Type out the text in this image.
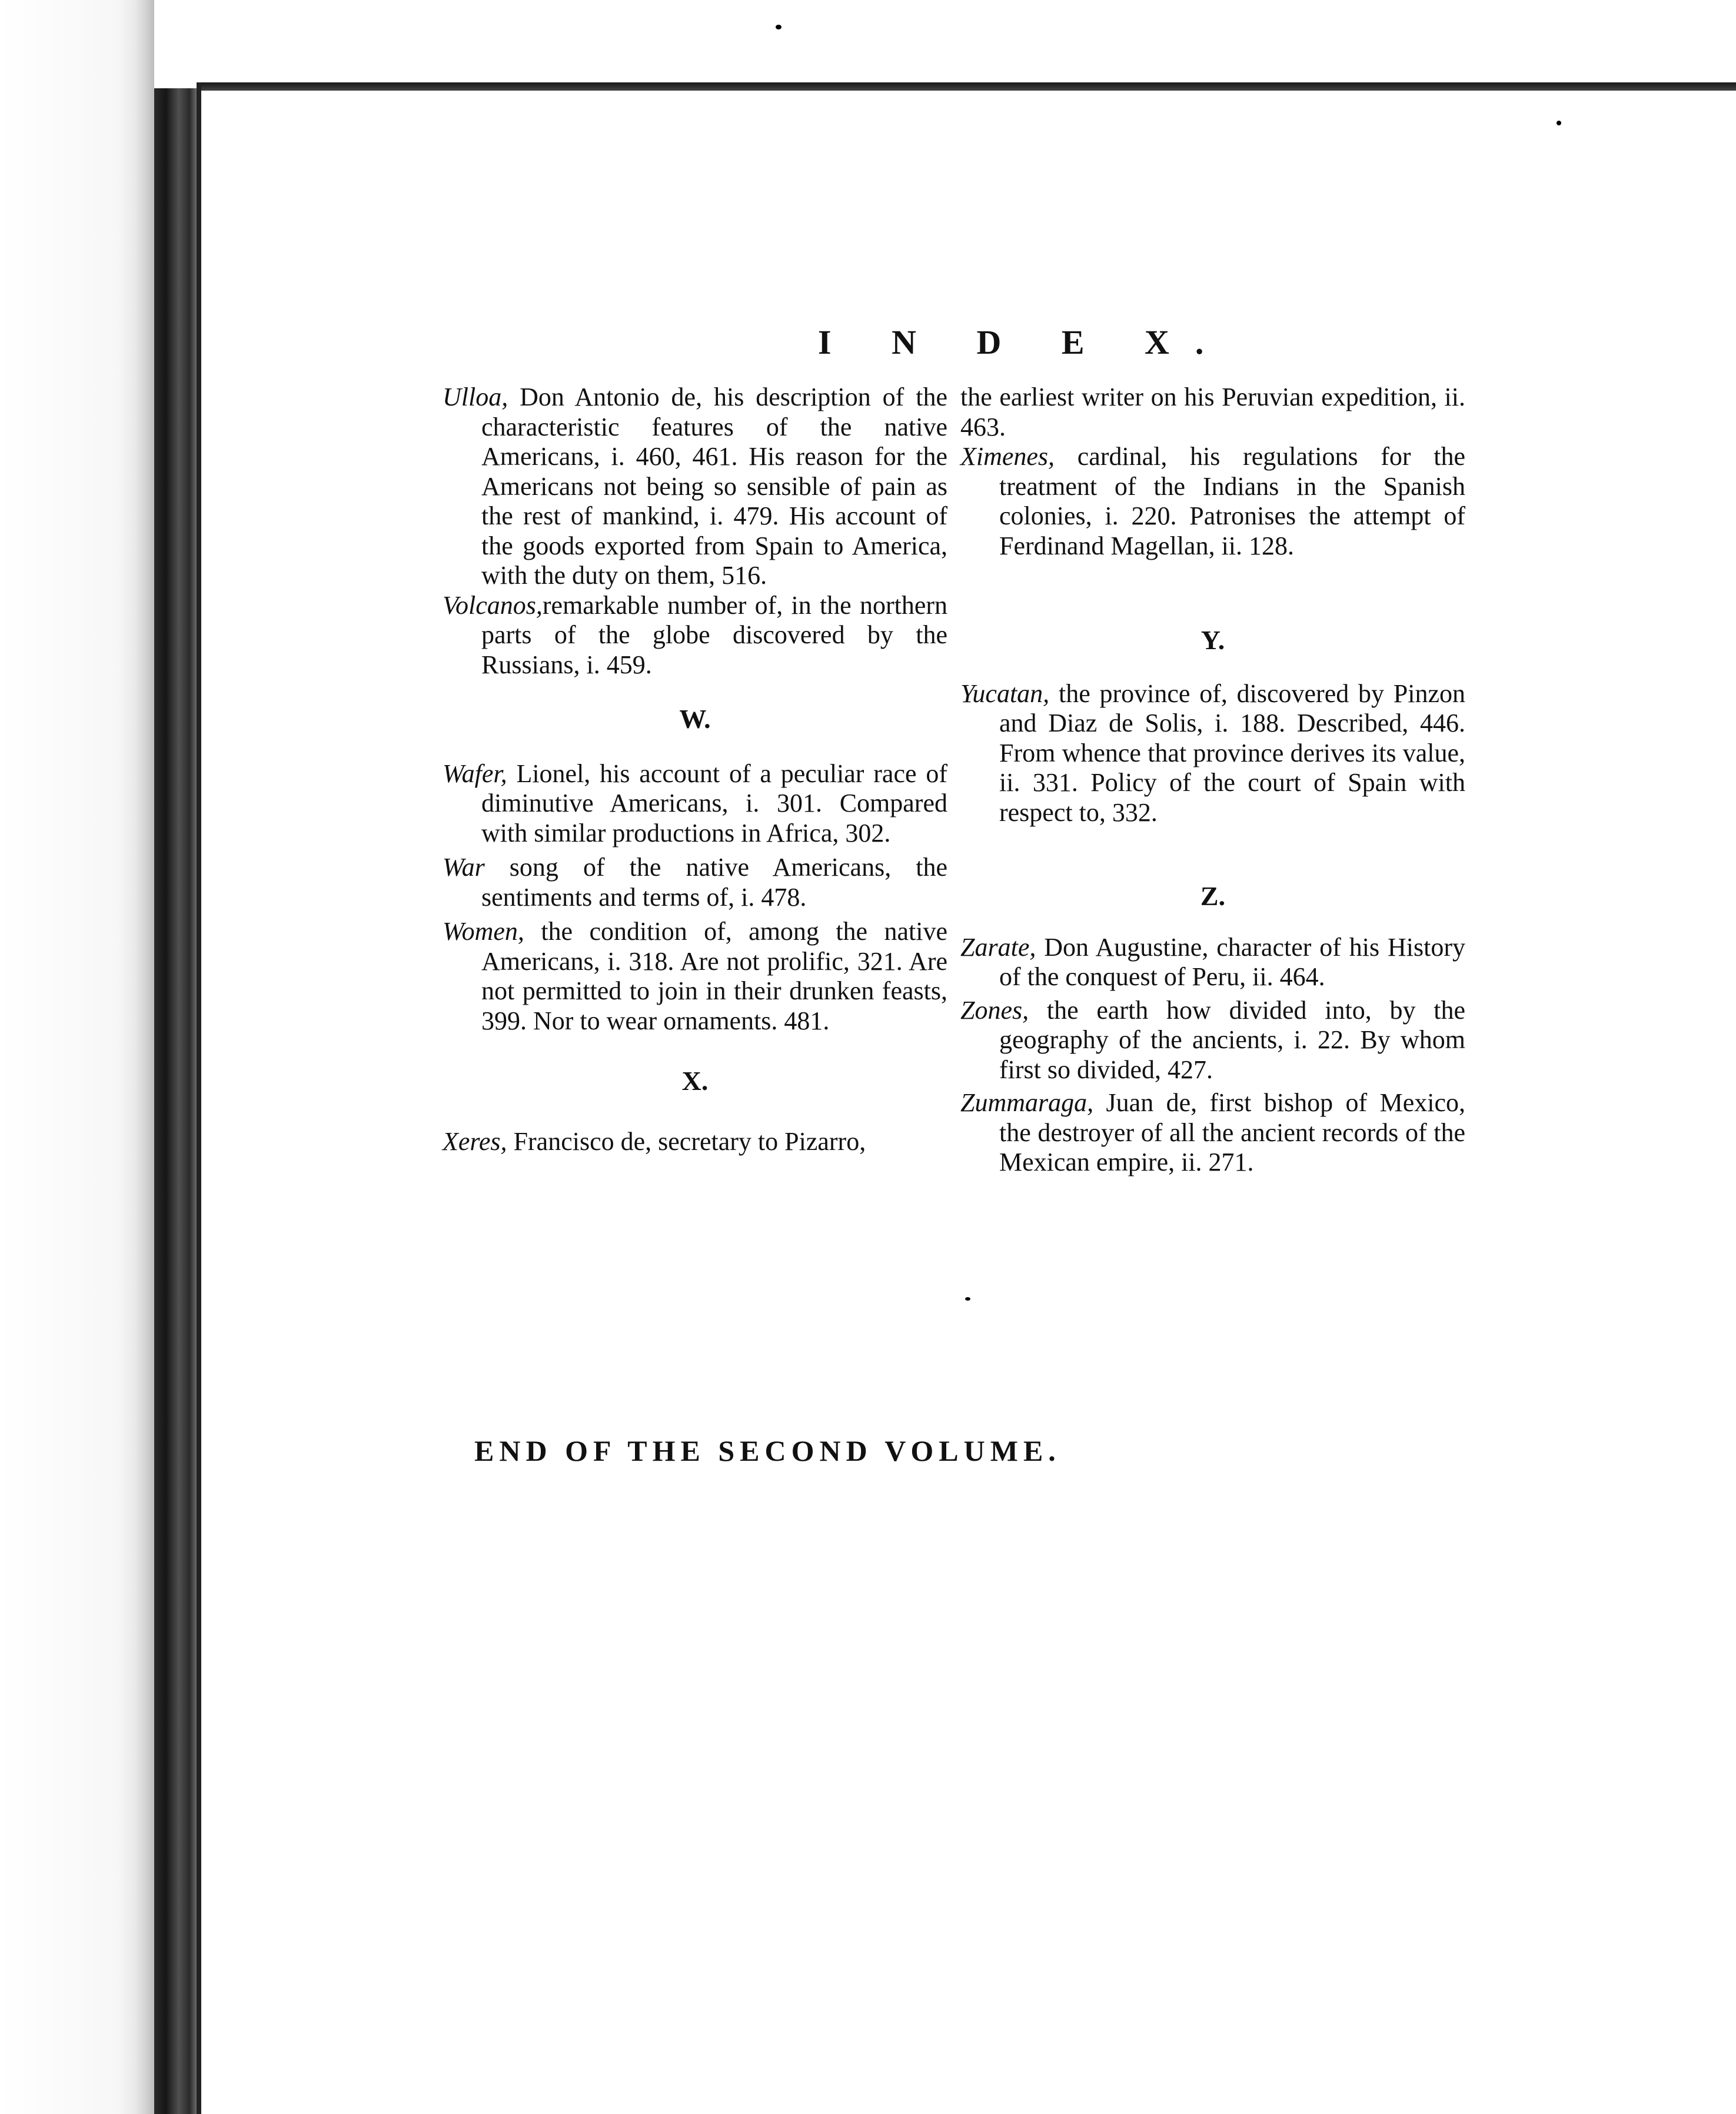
I N D E X.

Ulloa, Don Antonio de, his description of the characteristic features of the native Americans, i. 460, 461. His reason for the Americans not being so sensible of pain as the rest of mankind, i. 479. His account of the goods exported from Spain to America, with the duty on them, 516.

Volcanos,remarkable number of, in the northern parts of the globe discovered by the Russians, i. 459.

W.

Wafer, Lionel, his account of a peculiar race of diminutive Americans, i. 301. Compared with similar productions in Africa, 302.

War song of the native Americans, the sentiments and terms of, i. 478.

Women, the condition of, among the native Americans, i. 318. Are not prolific, 321. Are not permitted to join in their drunken feasts, 399. Nor to wear ornaments. 481.

X.

Xeres, Francisco de, secretary to Pizarro,

the earliest writer on his Peruvian expedition, ii. 463.

Ximenes, cardinal, his regulations for the treatment of the Indians in the Spanish colonies, i. 220. Patronises the attempt of Ferdinand Magellan, ii. 128.

Y.

Yucatan, the province of, discovered by Pinzon and Diaz de Solis, i. 188. Described, 446. From whence that province derives its value, ii. 331. Policy of the court of Spain with respect to, 332.

Z.

Zarate, Don Augustine, character of his History of the conquest of Peru, ii. 464.

Zones, the earth how divided into, by the geography of the ancients, i. 22. By whom first so divided, 427.

Zummaraga, Juan de, first bishop of Mexico, the destroyer of all the ancient records of the Mexican empire, ii. 271.

END OF THE SECOND VOLUME.
